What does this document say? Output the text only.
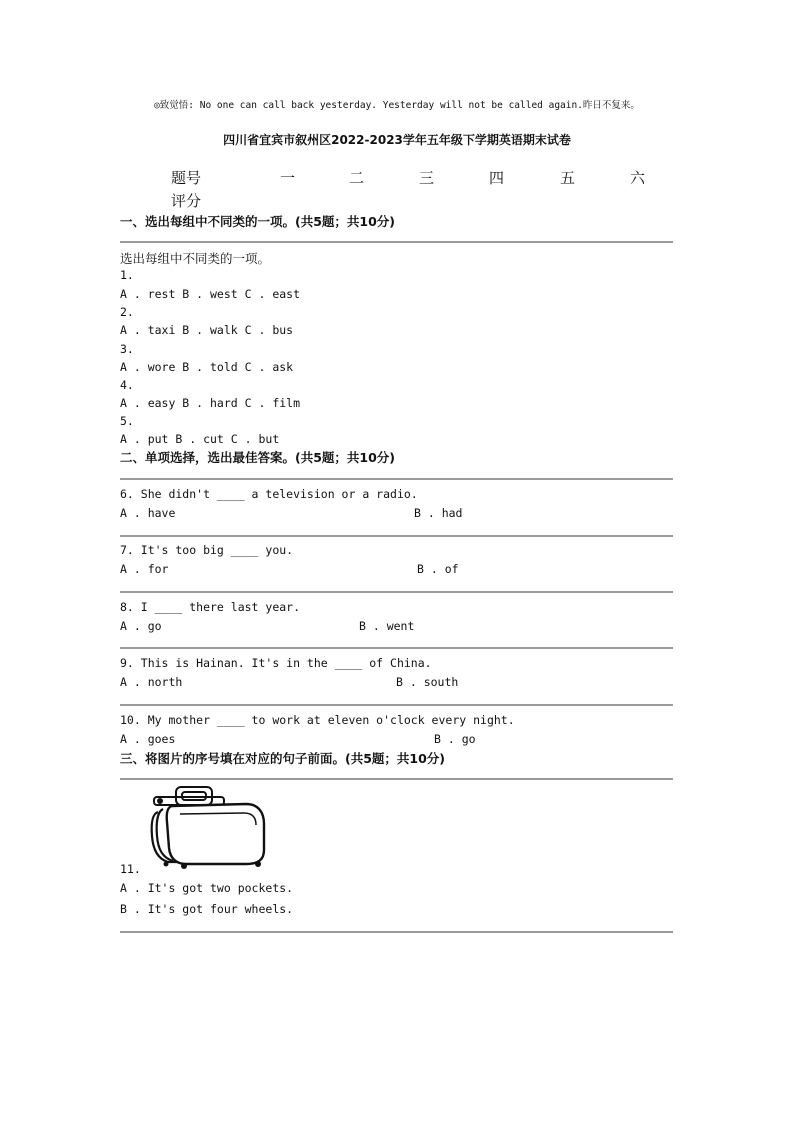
◎致觉悟: No one can call back yesterday. Yesterday will not be called again.昨日不复来。
四川省宜宾市叙州区2022-2023学年五年级下学期英语期末试卷
题号	一	二	三	四	五	六
评分
一、选出每组中不同类的一项。(共5题；共10分)
选出每组中不同类的一项。
1.
A . rest B . west C . east
2.
A . taxi B . walk C . bus
3.
A . wore B . told C . ask
4.
A . easy B . hard C . film
5.
A . put B . cut C . but
二、单项选择，选出最佳答案。(共5题；共10分)
6. She didn't ____ a television or a radio.
A . have	B . had
7. It's too big ____ you.
A . for	B . of
8. I ____ there last year.
A . go	B . went
9. This is Hainan. It's in the ____ of China.
A . north	B . south
10. My mother ____ to work at eleven o'clock every night.
A . goes	B . go
三、将图片的序号填在对应的句子前面。(共5题；共10分)
11.
A . It's got two pockets.
B . It's got four wheels.
